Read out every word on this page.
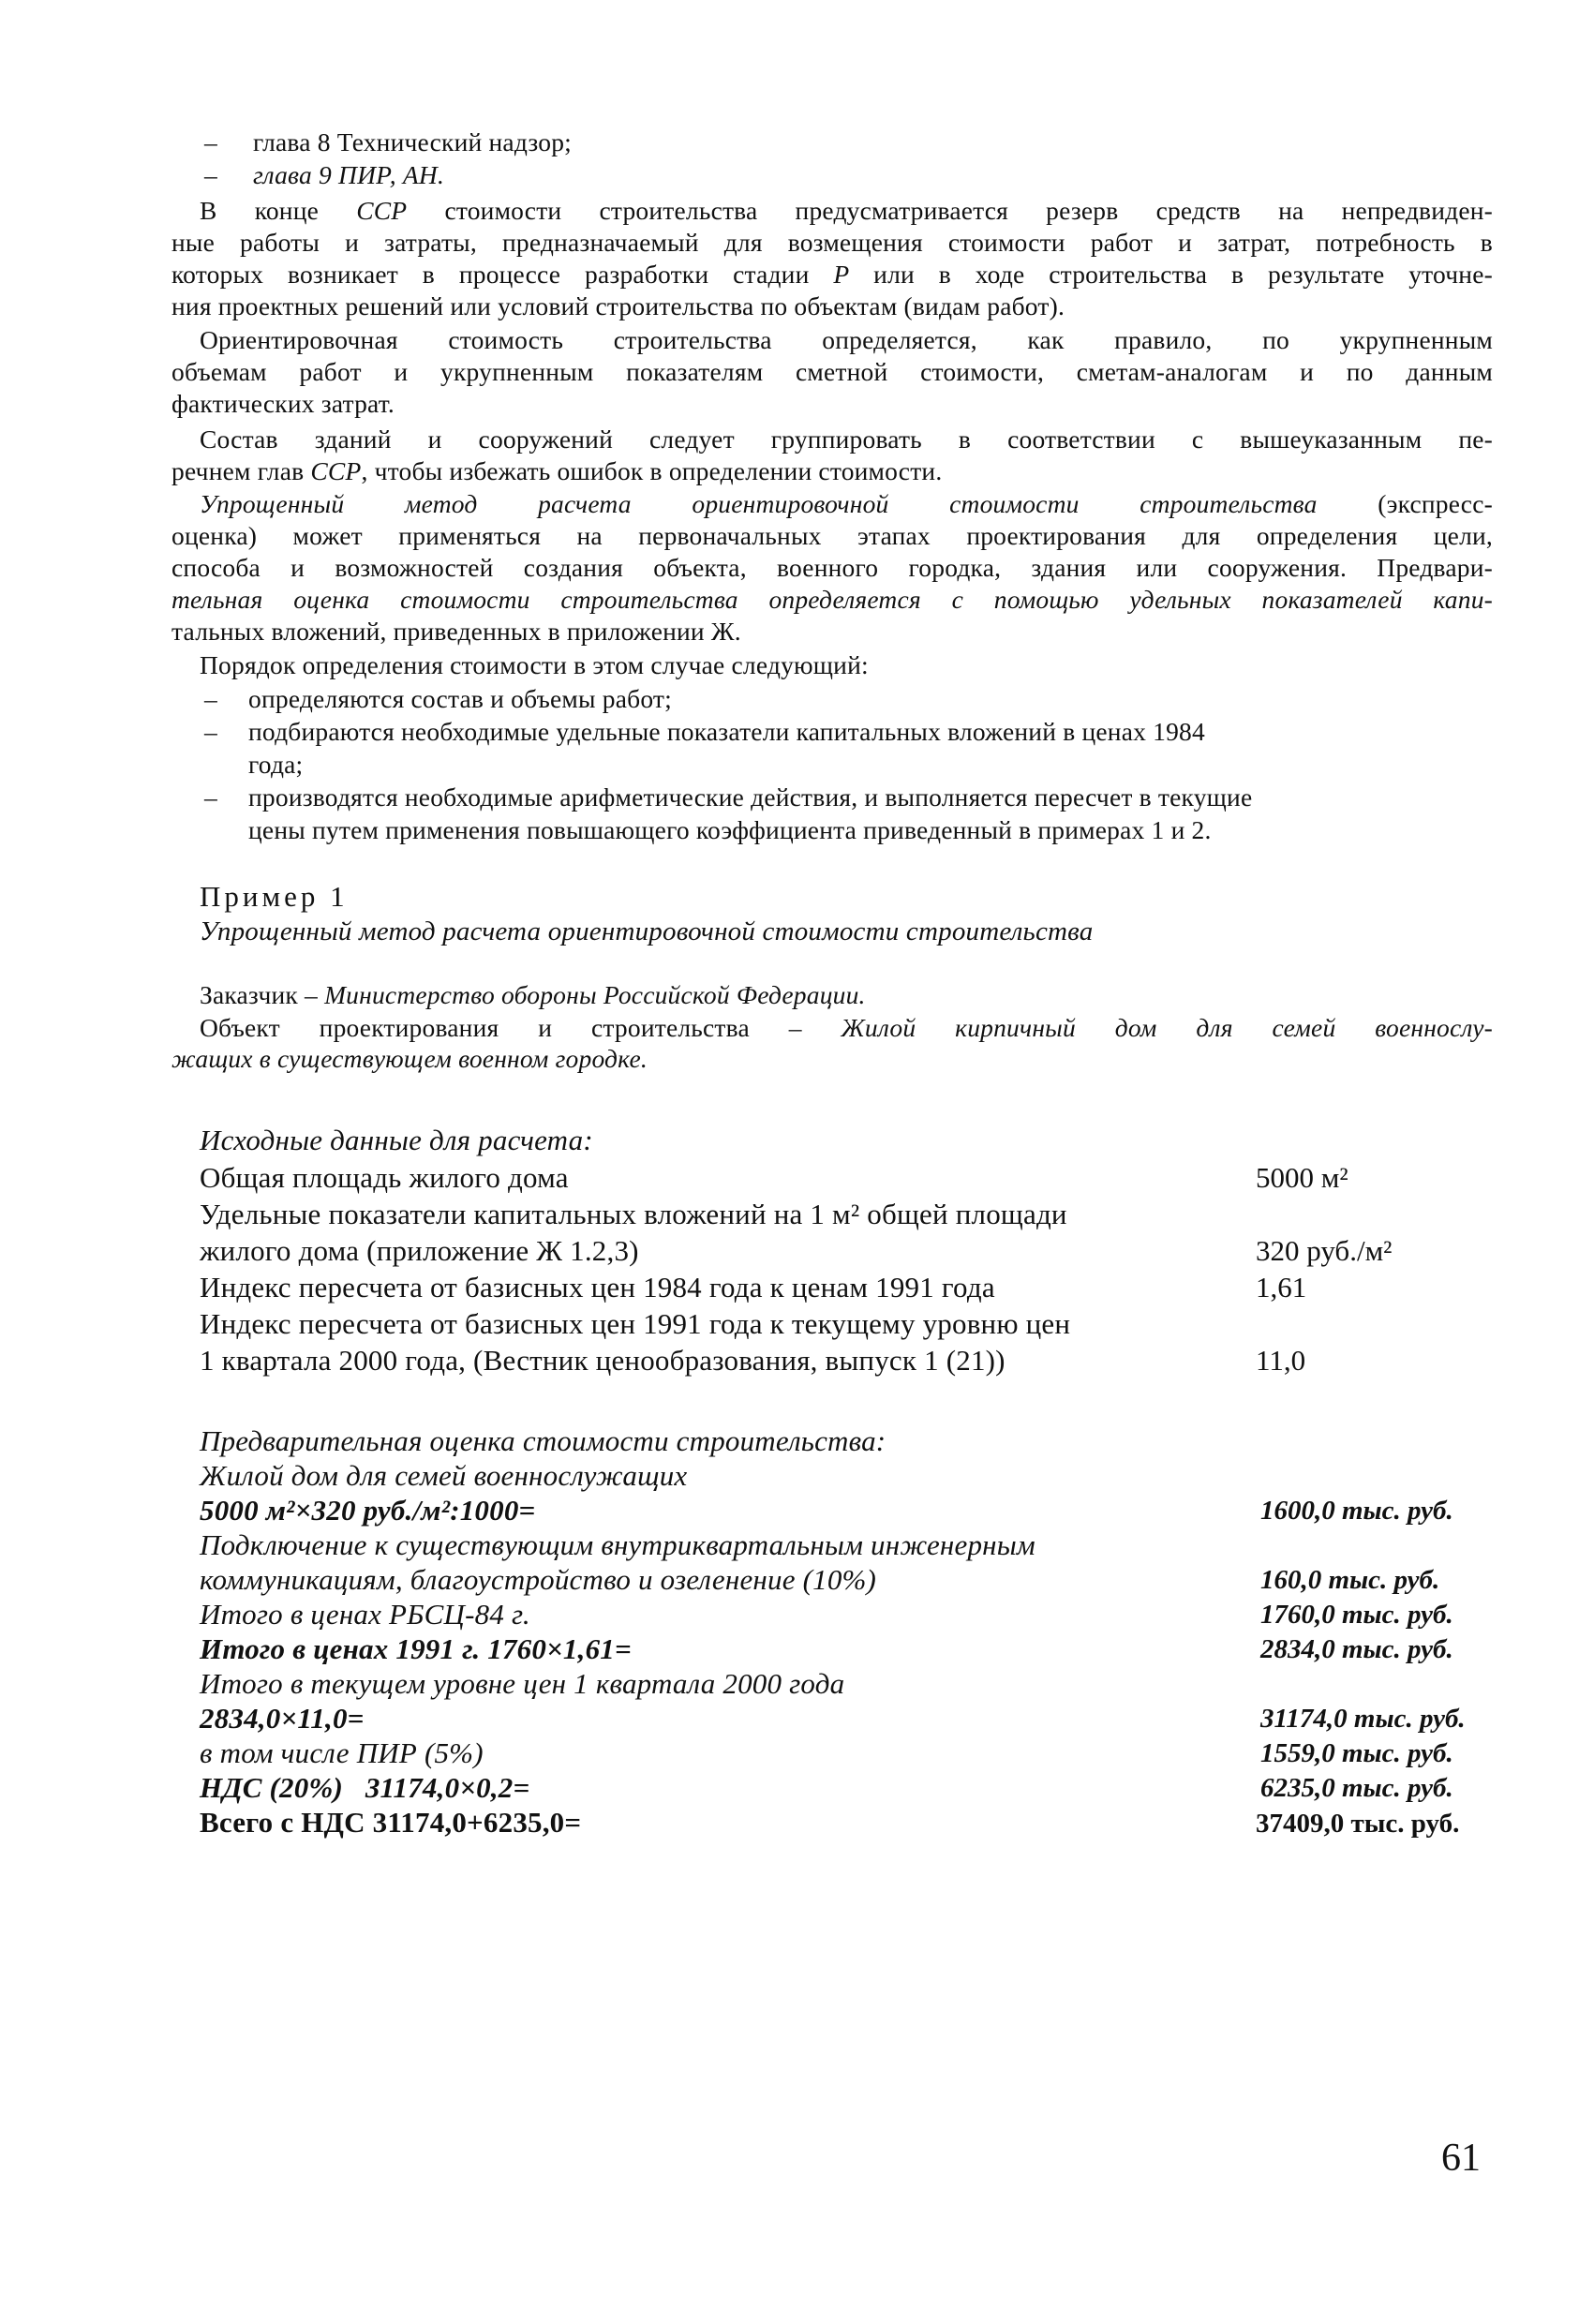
– глава 8 Технический надзор;
– глава 9 ПИР, АН.
В конце ССР стоимости строительства предусматривается резерв средств на непредвиден-
ные работы и затраты, предназначаемый для возмещения стоимости работ и затрат, потребность в
которых возникает в процессе разработки стадии Р или в ходе строительства в результате уточне-
ния проектных решений или условий строительства по объектам (видам работ).
Ориентировочная стоимость строительства определяется, как правило, по укрупненным
объемам работ и укрупненным показателям сметной стоимости, сметам-аналогам и по данным
фактических затрат.
Состав зданий и сооружений следует группировать в соответствии с вышеуказанным пе-
речнем глав ССР, чтобы избежать ошибок в определении стоимости.
Упрощенный метод расчета ориентировочной стоимости строительства (экспресс-
оценка) может применяться на первоначальных этапах проектирования для определения цели,
способа и возможностей создания объекта, военного городка, здания или сооружения. Предвари-
тельная оценка стоимости строительства определяется с помощью удельных показателей капи-
тальных вложений, приведенных в приложении Ж.
Порядок определения стоимости в этом случае следующий:
– определяются состав и объемы работ;
– подбираются необходимые удельные показатели капитальных вложений в ценах 1984
года;
– производятся необходимые арифметические действия, и выполняется пересчет в текущие
цены путем применения повышающего коэффициента приведенный в примерах 1 и 2.
Пример 1
Упрощенный метод расчета ориентировочной стоимости строительства
Заказчик – Министерство обороны Российской Федерации.
Объект проектирования и строительства – Жилой кирпичный дом для семей военнослу-
жащих в существующем военном городке.
Исходные данные для расчета:
Общая площадь жилого дома	5000 м²
Удельные показатели капитальных вложений на 1 м² общей площади
жилого дома (приложение Ж 1.2,3)	320 руб./м²
Индекс пересчета от базисных цен 1984 года к ценам 1991 года	1,61
Индекс пересчета от базисных цен 1991 года к текущему уровню цен
1 квартала 2000 года, (Вестник ценообразования, выпуск 1 (21))	11,0
Предварительная оценка стоимости строительства:
Жилой дом для семей военнослужащих
5000 м²×320 руб./м²:1000=	1600,0 тыс. руб.
Подключение к существующим внутриквартальным инженерным
коммуникациям, благоустройство и озеленение (10%)	160,0 тыс. руб.
Итого в ценах РБСЦ-84 г.	1760,0 тыс. руб.
Итого в ценах 1991 г. 1760×1,61=	2834,0 тыс. руб.
Итого в текущем уровне цен 1 квартала 2000 года
2834,0×11,0=	31174,0 тыс. руб.
в том числе ПИР (5%)	1559,0 тыс. руб.
НДС (20%)   31174,0×0,2=	6235,0 тыс. руб.
Всего с НДС 31174,0+6235,0=	37409,0 тыс. руб.
61
